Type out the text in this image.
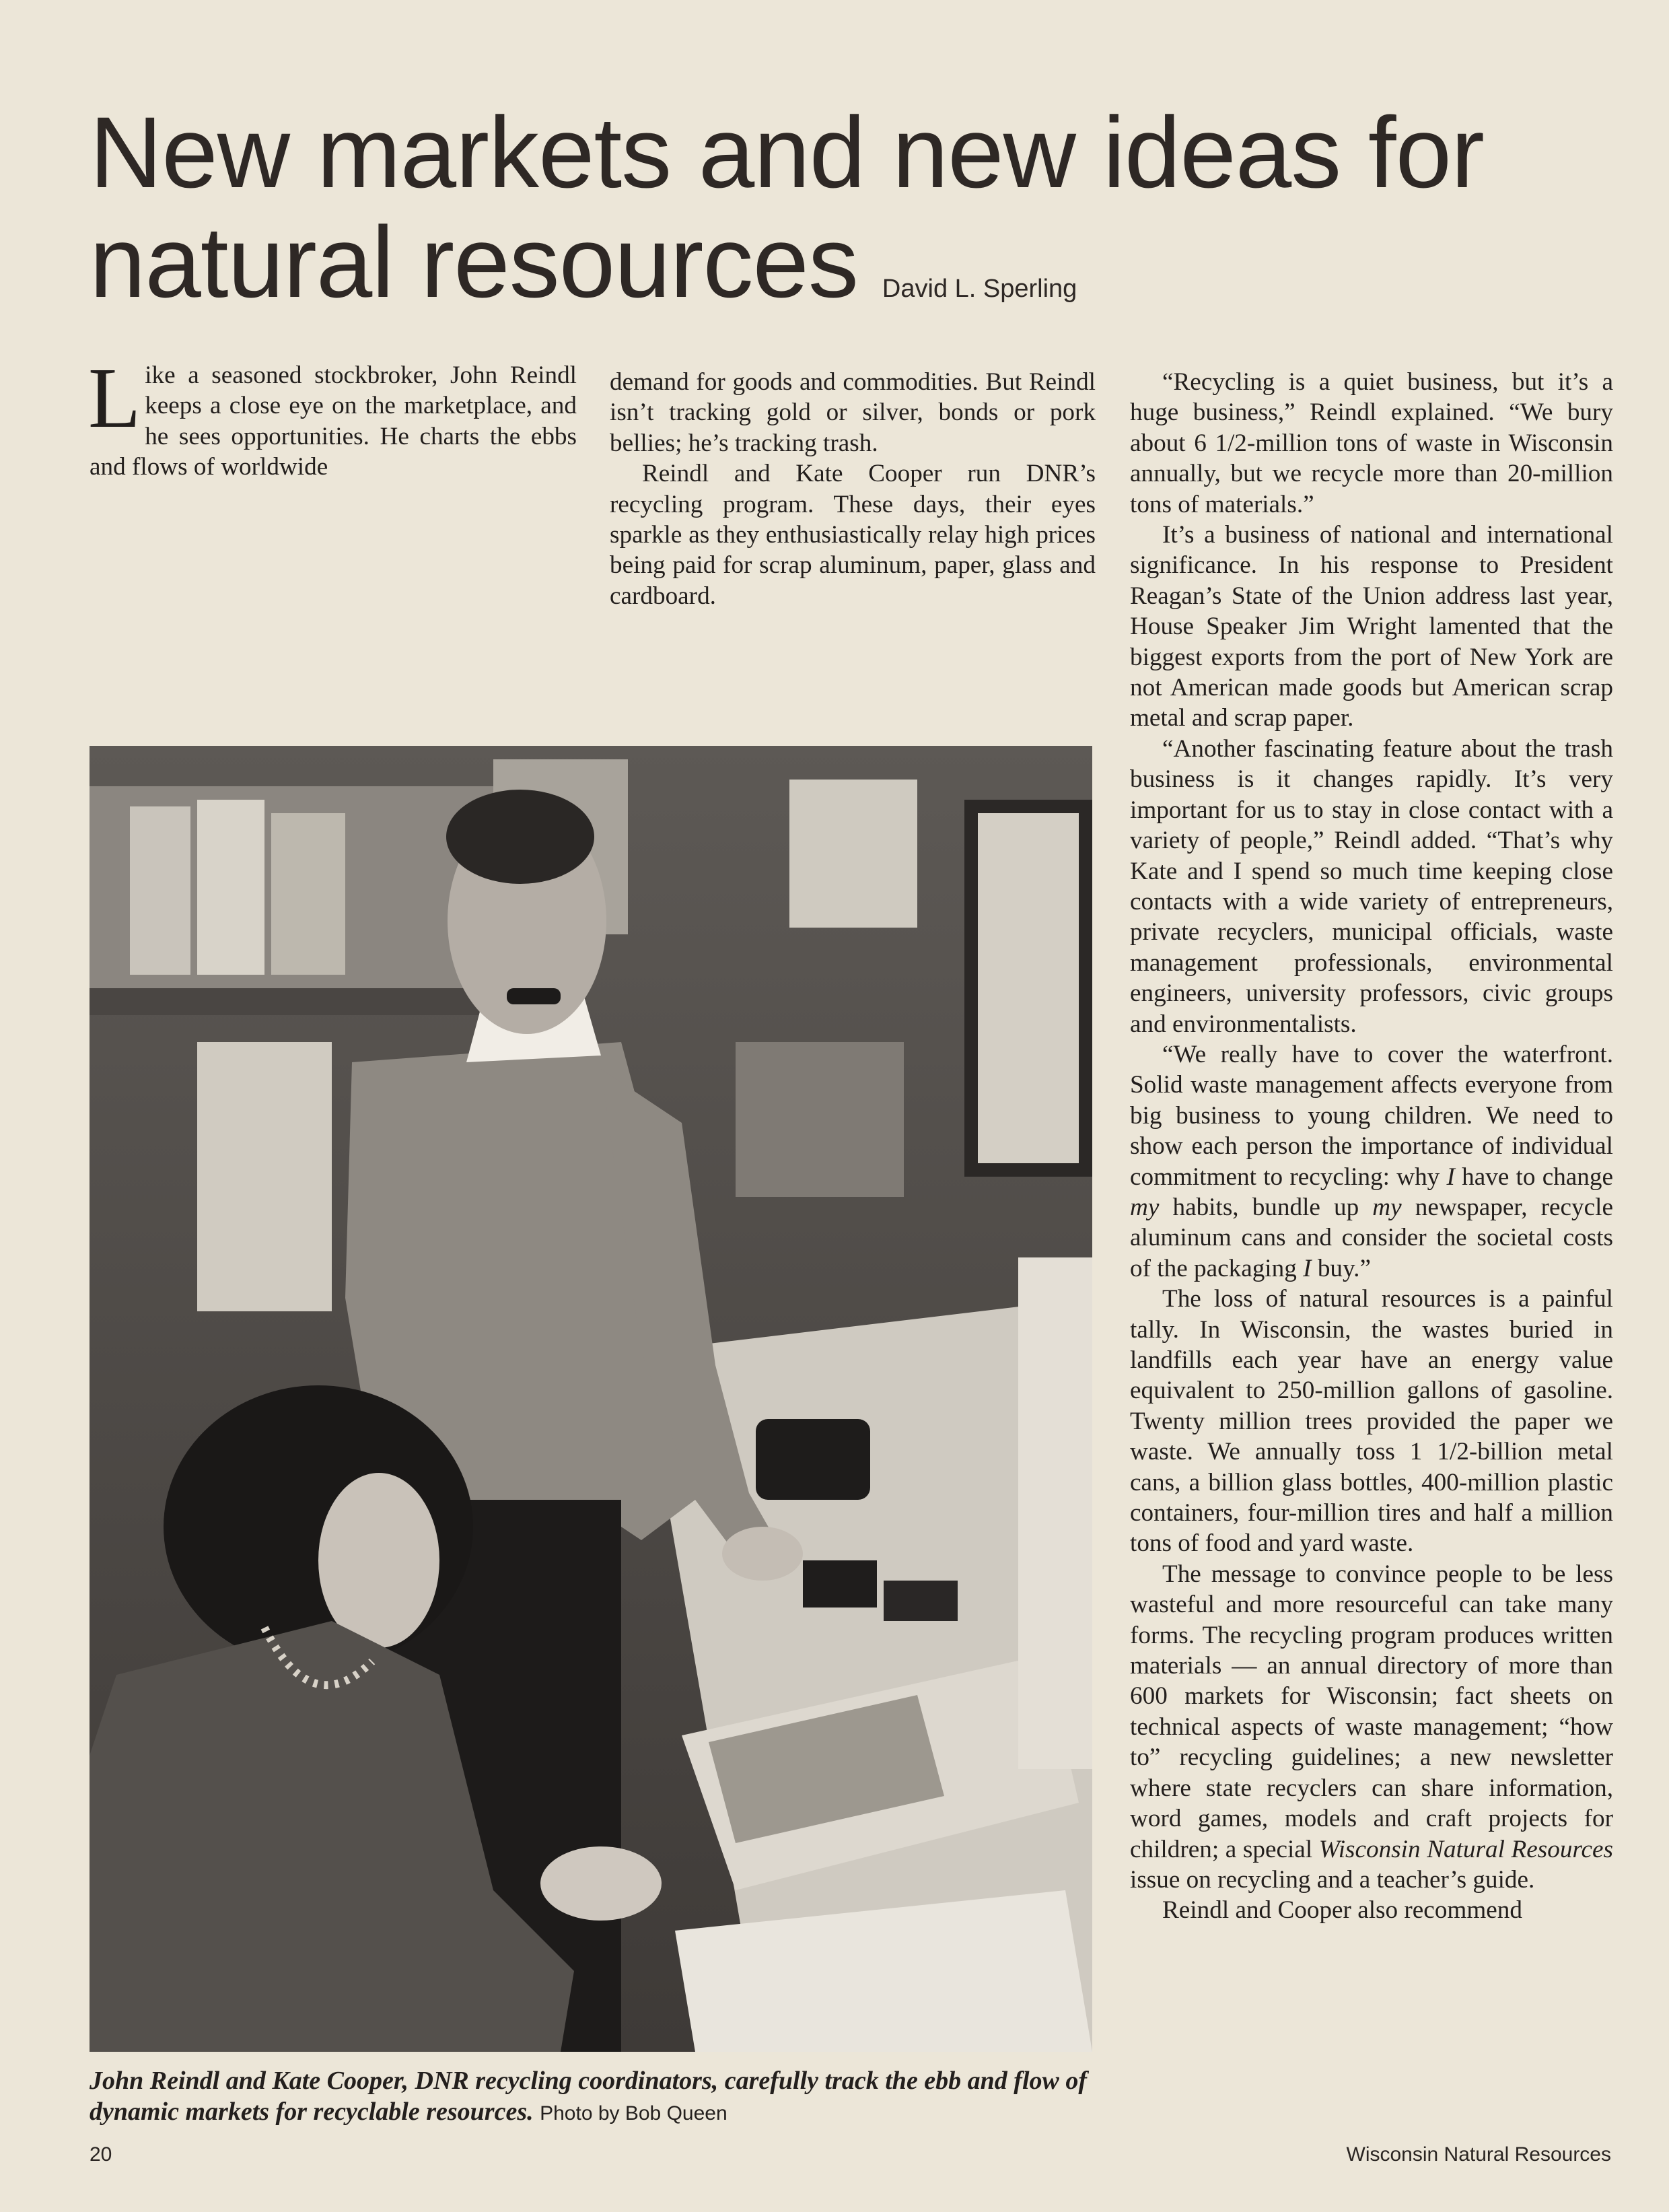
New markets and new ideas for natural resources David L. Sperling

Like a seasoned stockbroker, John Reindl keeps a close eye on the marketplace, and he sees opportunities. He charts the ebbs and flows of worldwide

demand for goods and commodities. But Reindl isn’t tracking gold or silver, bonds or pork bellies; he’s tracking trash.

Reindl and Kate Cooper run DNR’s recycling program. These days, their eyes sparkle as they enthusiastically relay high prices being paid for scrap aluminum, paper, glass and cardboard.

“Recycling is a quiet business, but it’s a huge business,” Reindl explained. “We bury about 6 1/2-million tons of waste in Wisconsin annually, but we recycle more than 20-million tons of materials.”

It’s a business of national and international significance. In his response to President Reagan’s State of the Union address last year, House Speaker Jim Wright lamented that the biggest exports from the port of New York are not American made goods but American scrap metal and scrap paper.

“Another fascinating feature about the trash business is it changes rapidly. It’s very important for us to stay in close contact with a variety of people,” Reindl added. “That’s why Kate and I spend so much time keeping close contacts with a wide variety of entrepreneurs, private recyclers, municipal officials, waste management professionals, environmental engineers, university professors, civic groups and environmentalists.

“We really have to cover the waterfront. Solid waste management affects everyone from big business to young children. We need to show each person the importance of individual commitment to recycling: why I have to change my habits, bundle up my newspaper, recycle aluminum cans and consider the societal costs of the packaging I buy.”

The loss of natural resources is a painful tally. In Wisconsin, the wastes buried in landfills each year have an energy value equivalent to 250-million gallons of gasoline. Twenty million trees provided the paper we waste. We annually toss 1 1/2-billion metal cans, a billion glass bottles, 400-million plastic containers, four-million tires and half a million tons of food and yard waste.

The message to convince people to be less wasteful and more resourceful can take many forms. The recycling program produces written materials — an annual directory of more than 600 markets for Wisconsin; fact sheets on technical aspects of waste management; “how to” recycling guidelines; a new newsletter where state recyclers can share information, word games, models and craft projects for children; a special Wisconsin Natural Resources issue on recycling and a teacher’s guide.

Reindl and Cooper also recommend

John Reindl and Kate Cooper, DNR recycling coordinators, carefully track the ebb and flow of dynamic markets for recyclable resources. Photo by Bob Queen
20	Wisconsin Natural Resources
